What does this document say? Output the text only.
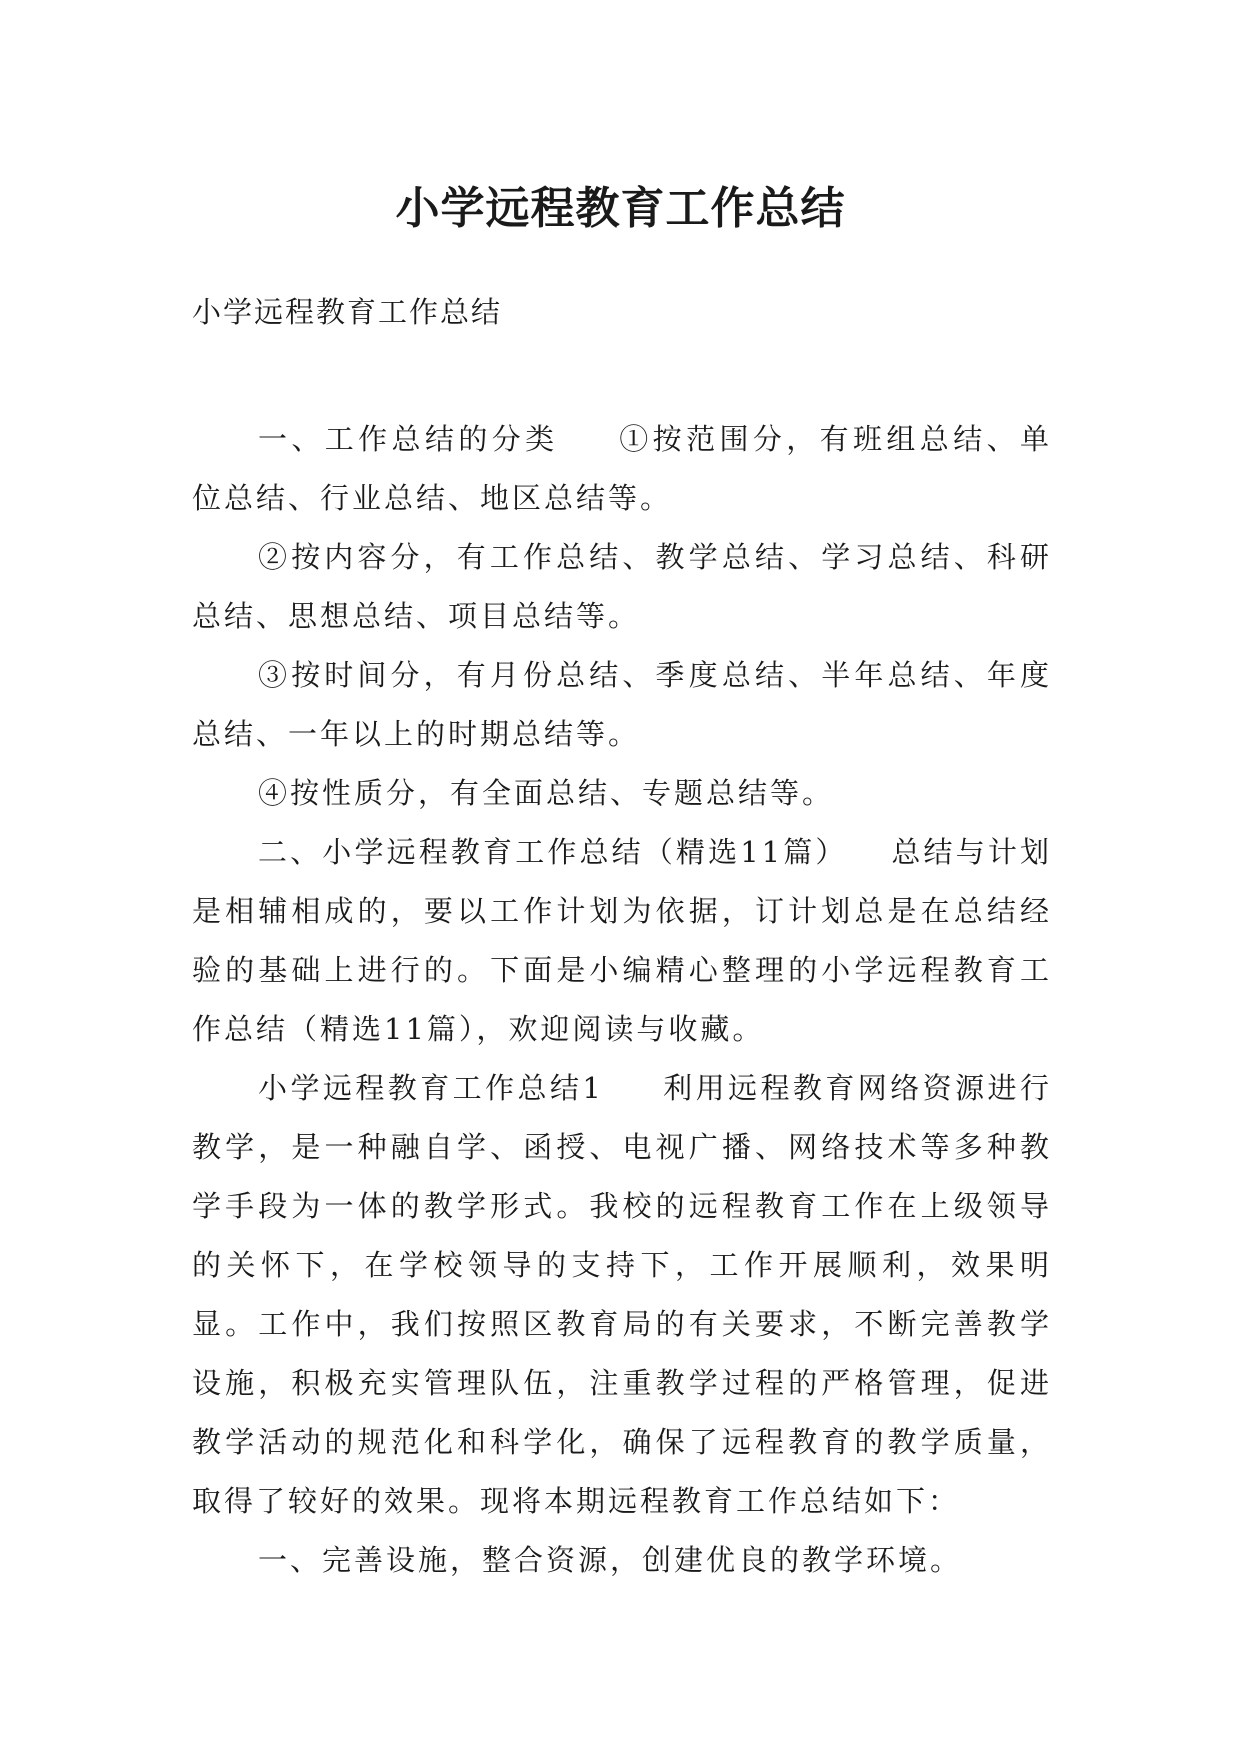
小学远程教育工作总结
小学远程教育工作总结

一、工作总结的分类　　 ①按范围分，有班组总结、单位总结、行业总结、地区总结等。

②按内容分，有工作总结、教学总结、学习总结、科研总结、思想总结、项目总结等。

③按时间分，有月份总结、季度总结、半年总结、年度总结、一年以上的时期总结等。

④按性质分，有全面总结、专题总结等。

二、小学远程教育工作总结（精选11篇）　　 总结与计划是相辅相成的，要以工作计划为依据，订计划总是在总结经验的基础上进行的。下面是小编精心整理的小学远程教育工作总结（精选11篇），欢迎阅读与收藏。

小学远程教育工作总结1　　 利用远程教育网络资源进行教学，是一种融自学、函授、电视广播、网络技术等多种教学手段为一体的教学形式。我校的远程教育工作在上级领导的关怀下，在学校领导的支持下，工作开展顺利，效果明显。工作中，我们按照区教育局的有关要求，不断完善教学设施，积极充实管理队伍，注重教学过程的严格管理，促进教学活动的规范化和科学化，确保了远程教育的教学质量，取得了较好的效果。现将本期远程教育工作总结如下：

一、完善设施，整合资源，创建优良的教学环境。
